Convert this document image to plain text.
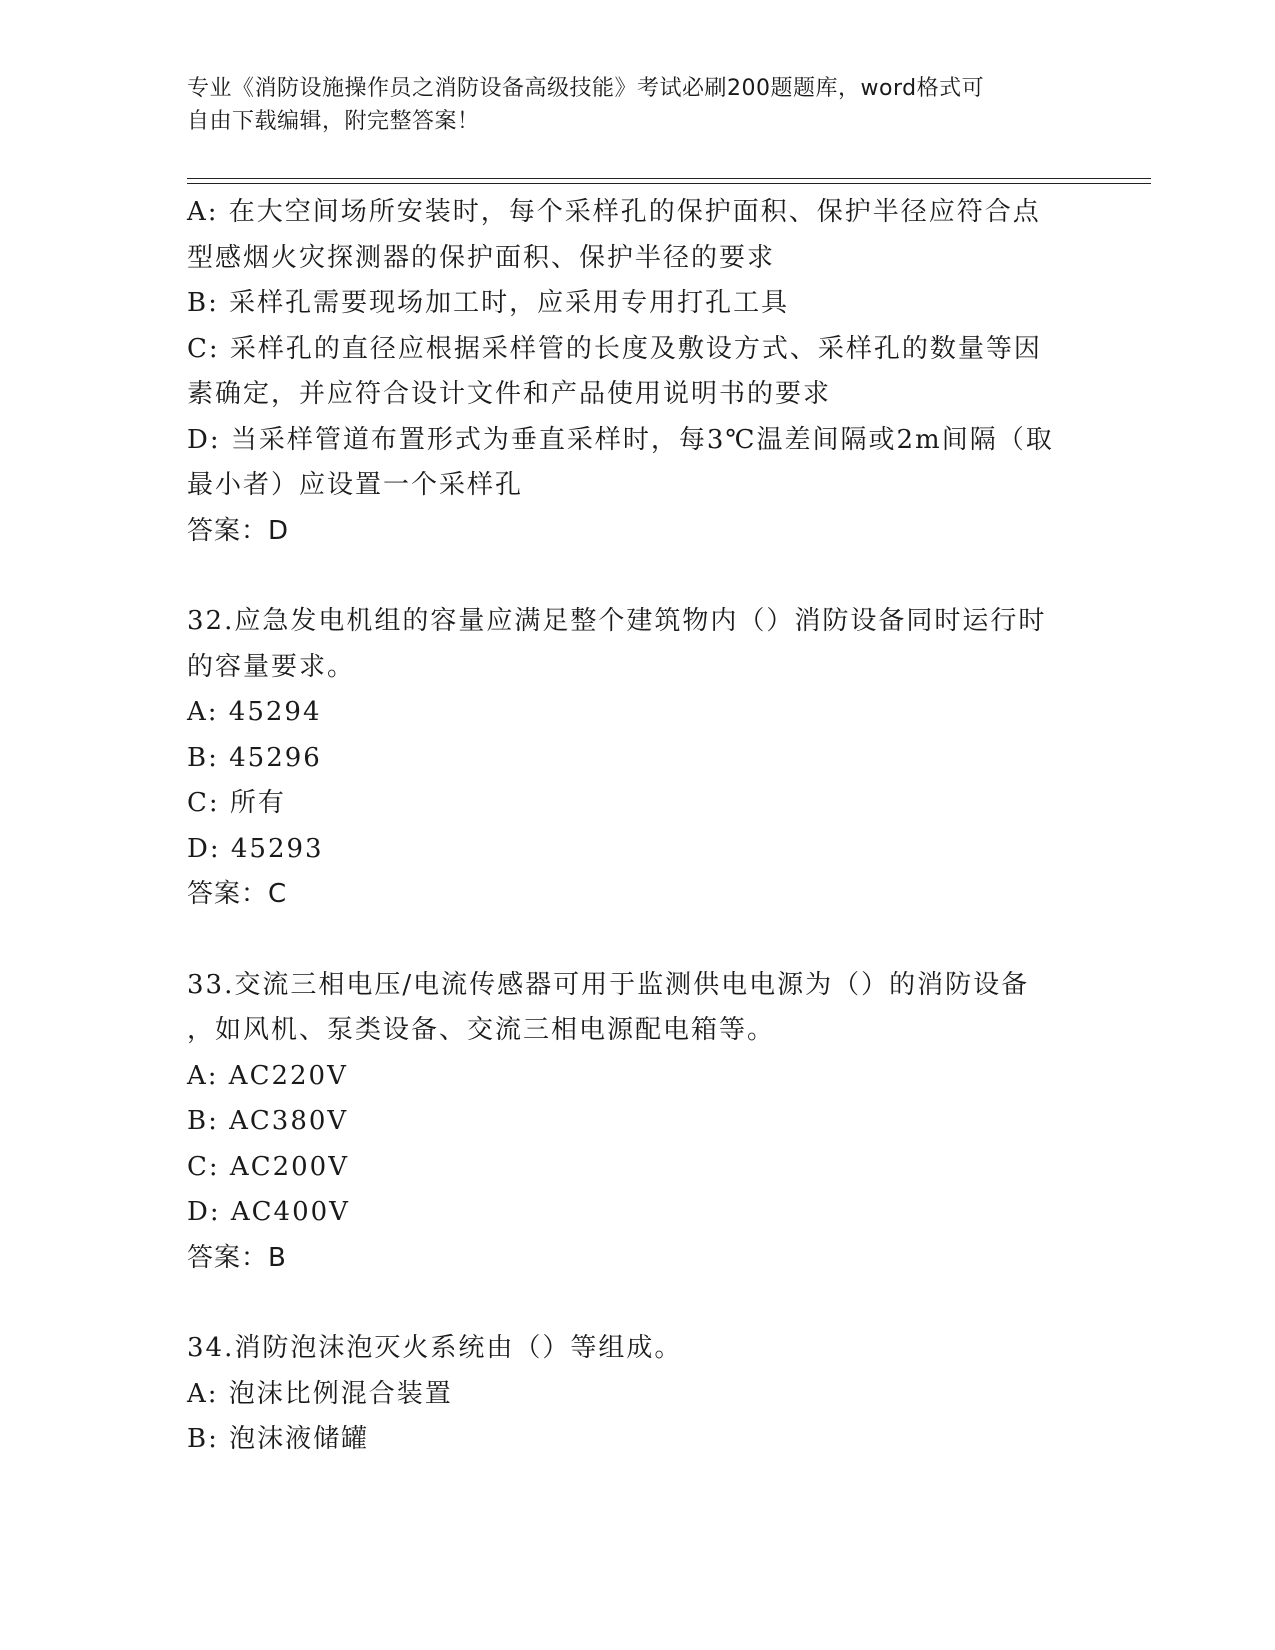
专业《消防设施操作员之消防设备高级技能》考试必刷200题题库，word格式可
自由下载编辑，附完整答案！
A: 在大空间场所安装时，每个采样孔的保护面积、保护半径应符合点
型感烟火灾探测器的保护面积、保护半径的要求
B: 采样孔需要现场加工时，应采用专用打孔工具
C: 采样孔的直径应根据采样管的长度及敷设方式、采样孔的数量等因
素确定，并应符合设计文件和产品使用说明书的要求
D: 当采样管道布置形式为垂直采样时，每3℃温差间隔或2m间隔（取
最小者）应设置一个采样孔
答案：D
32.应急发电机组的容量应满足整个建筑物内（）消防设备同时运行时
的容量要求。
A: 45294
B: 45296
C: 所有
D: 45293
答案：C
33.交流三相电压/电流传感器可用于监测供电电源为（）的消防设备
，如风机、泵类设备、交流三相电源配电箱等。
A: AC220V
B: AC380V
C: AC200V
D: AC400V
答案：B
34.消防泡沫泡灭火系统由（）等组成。
A: 泡沫比例混合装置
B: 泡沫液储罐
